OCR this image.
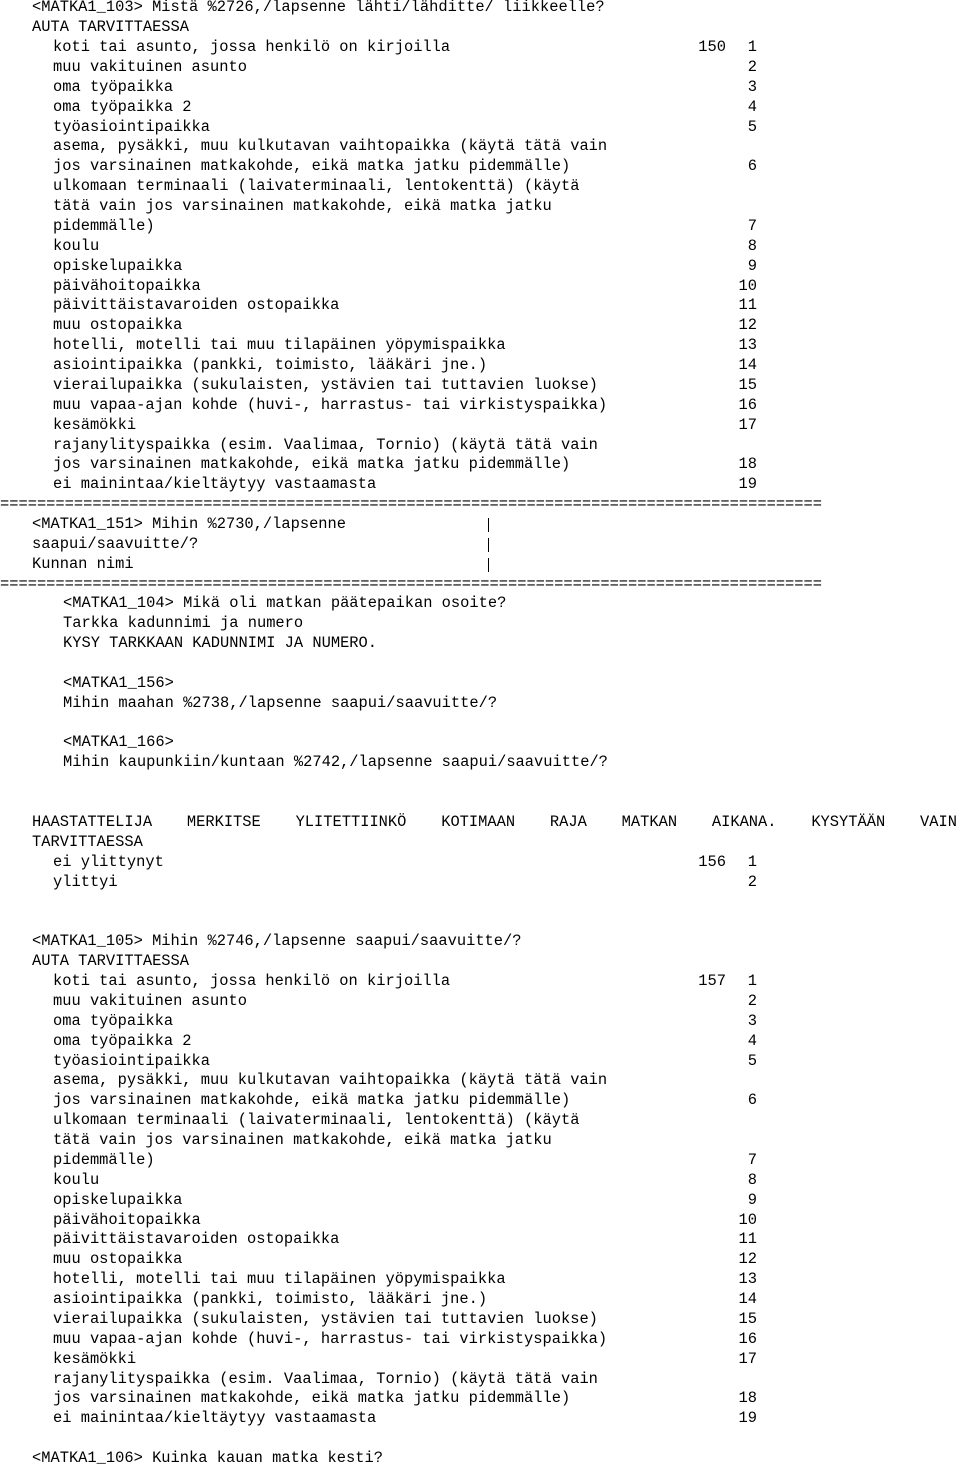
<MATKA1_103> Mistä %2726,/lapsenne lähti/lähditte/ liikkeelle?
AUTA TARVITTAESSA
150
koti tai asunto, jossa henkilö on kirjoilla	1
muu vakituinen asunto	2
oma työpaikka	3
oma työpaikka 2	4
työasiointipaikka	5
asema, pysäkki, muu kulkutavan vaihtopaikka (käytä tätä vain
jos varsinainen matkakohde, eikä matka jatku pidemmälle)	6
ulkomaan terminaali (laivaterminaali, lentokenttä) (käytä
tätä vain jos varsinainen matkakohde, eikä matka jatku
pidemmälle)	7
koulu	8
opiskelupaikka	9
päivähoitopaikka	10
päivittäistavaroiden ostopaikka	11
muu ostopaikka	12
hotelli, motelli tai muu tilapäinen yöpymispaikka	13
asiointipaikka (pankki, toimisto, lääkäri jne.)	14
vierailupaikka (sukulaisten, ystävien tai tuttavien luokse)	15
muu vapaa-ajan kohde (huvi-, harrastus- tai virkistyspaikka)	16
kesämökki	17
rajanylityspaikka (esim. Vaalimaa, Tornio) (käytä tätä vain
jos varsinainen matkakohde, eikä matka jatku pidemmälle)	18
ei mainintaa/kieltäytyy vastaamasta	19
=========================================================================================
<MATKA1_151> Mihin %2730,/lapsenne
saapui/saavuitte/?
Kunnan nimi
=========================================================================================
<MATKA1_104> Mikä oli matkan päätepaikan osoite?
Tarkka kadunnimi ja numero
KYSY TARKKAAN KADUNNIMI JA NUMERO.
<MATKA1_156>
Mihin maahan %2738,/lapsenne saapui/saavuitte/?
<MATKA1_166>
Mihin kaupunkiin/kuntaan %2742,/lapsenne saapui/saavuitte/?
HAASTATTELIJA MERKITSE YLITETTIINKÖ KOTIMAAN RAJA MATKAN AIKANA. KYSYTÄÄN VAIN
TARVITTAESSA
156
ei ylittynyt	1
ylittyi	2
<MATKA1_105> Mihin %2746,/lapsenne saapui/saavuitte/?
AUTA TARVITTAESSA
157
koti tai asunto, jossa henkilö on kirjoilla	1
muu vakituinen asunto	2
oma työpaikka	3
oma työpaikka 2	4
työasiointipaikka	5
asema, pysäkki, muu kulkutavan vaihtopaikka (käytä tätä vain
jos varsinainen matkakohde, eikä matka jatku pidemmälle)	6
ulkomaan terminaali (laivaterminaali, lentokenttä) (käytä
tätä vain jos varsinainen matkakohde, eikä matka jatku
pidemmälle)	7
koulu	8
opiskelupaikka	9
päivähoitopaikka	10
päivittäistavaroiden ostopaikka	11
muu ostopaikka	12
hotelli, motelli tai muu tilapäinen yöpymispaikka	13
asiointipaikka (pankki, toimisto, lääkäri jne.)	14
vierailupaikka (sukulaisten, ystävien tai tuttavien luokse)	15
muu vapaa-ajan kohde (huvi-, harrastus- tai virkistyspaikka)	16
kesämökki	17
rajanylityspaikka (esim. Vaalimaa, Tornio) (käytä tätä vain
jos varsinainen matkakohde, eikä matka jatku pidemmälle)	18
ei mainintaa/kieltäytyy vastaamasta	19
<MATKA1_106> Kuinka kauan matka kesti?
